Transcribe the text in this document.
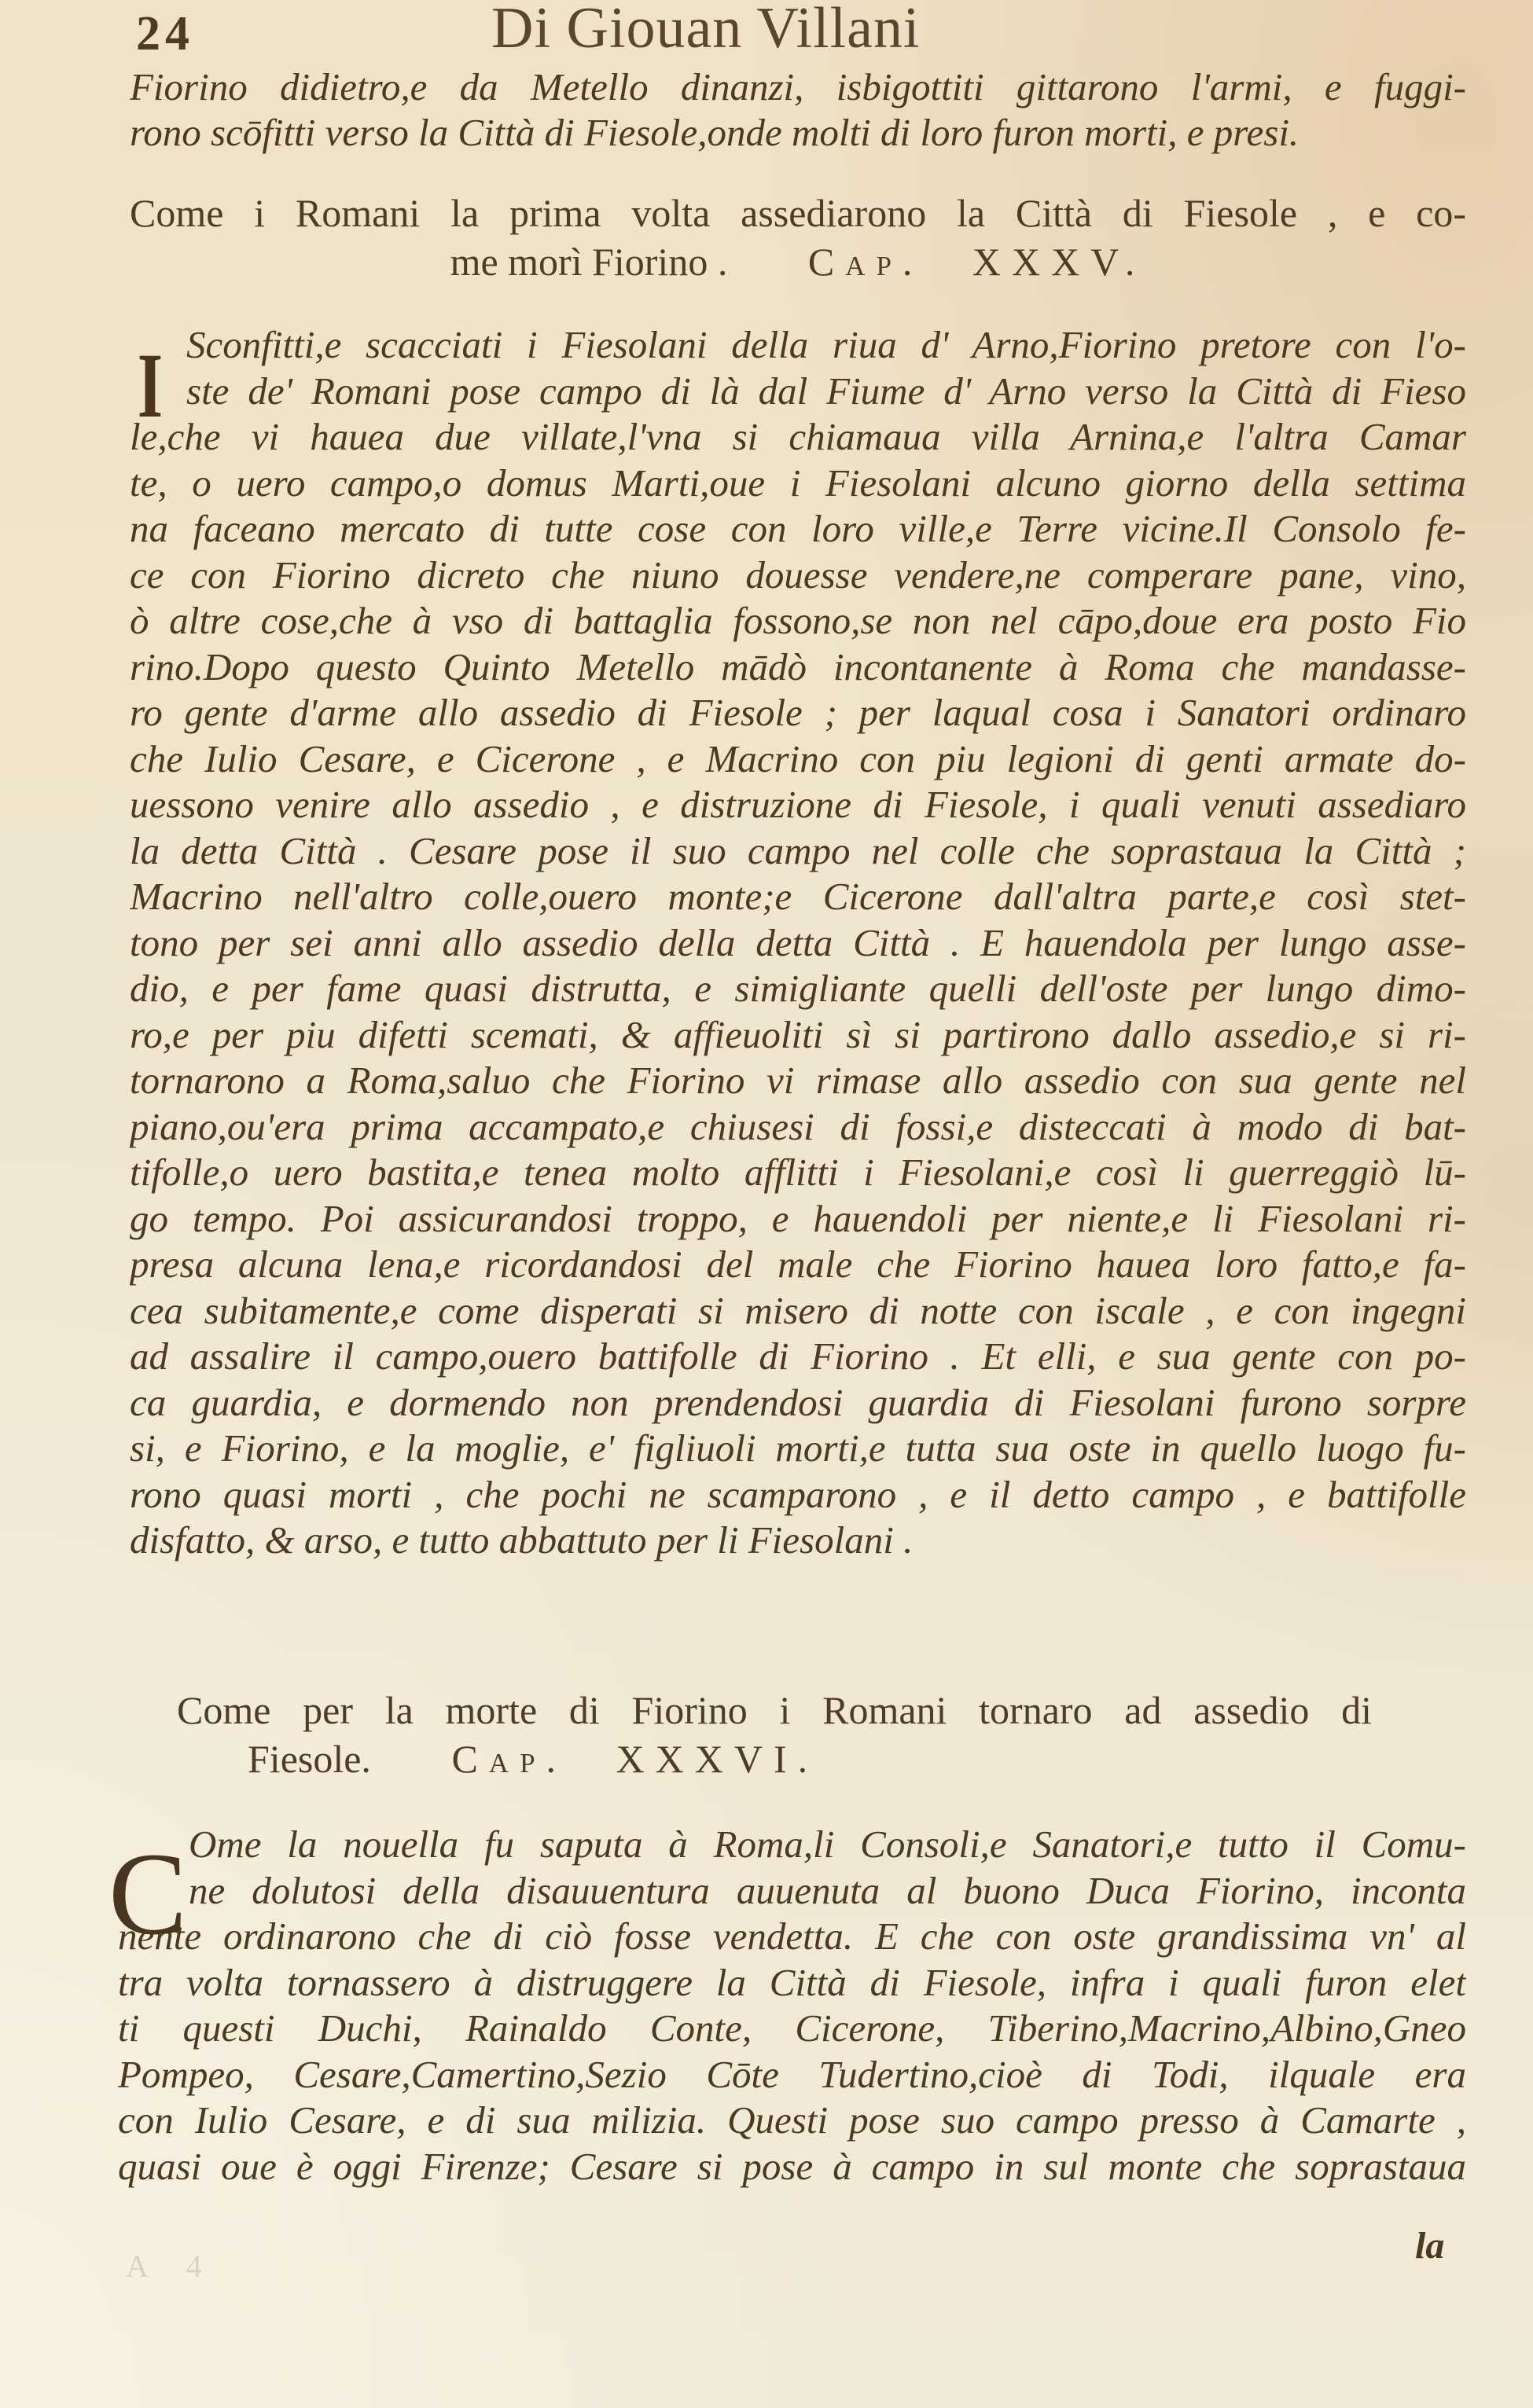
24	Di Giouan Villani
Fiorino didietro,e da Metello dinanzi, isbigottiti gittarono l'armi, e fuggi-
rono scōfitti verso la Città di Fiesole,onde molti di loro furon morti, e presi.
Come i Romani la prima volta assediarono la Città di Fiesole , e co-
me morì Fiorino . Cap. XXXV.
I Sconfitti,e scacciati i Fiesolani della riua d' Arno,Fiorino pretore con l'o-
ste de' Romani pose campo di là dal Fiume d' Arno verso la Città di Fieso
le,che vi hauea due villate,l'vna si chiamaua villa Arnina,e l'altra Camar
te, o uero campo,o domus Marti,oue i Fiesolani alcuno giorno della settima
na faceano mercato di tutte cose con loro ville,e Terre vicine.Il Consolo fe-
ce con Fiorino dicreto che niuno douesse vendere,ne comperare pane, vino,
ò altre cose,che à vso di battaglia fossono,se non nel cāpo,doue era posto Fio
rino.Dopo questo Quinto Metello mādò incontanente à Roma che mandasse-
ro gente d'arme allo assedio di Fiesole ; per laqual cosa i Sanatori ordinaro
che Iulio Cesare, e Cicerone , e Macrino con piu legioni di genti armate do-
uessono venire allo assedio , e distruzione di Fiesole, i quali venuti assediaro
la detta Città . Cesare pose il suo campo nel colle che soprastaua la Città ;
Macrino nell'altro colle,ouero monte;e Cicerone dall'altra parte,e così stet-
tono per sei anni allo assedio della detta Città . E hauendola per lungo asse-
dio, e per fame quasi distrutta, e simigliante quelli dell'oste per lungo dimo-
ro,e per piu difetti scemati, & affieuoliti sì si partirono dallo assedio,e si ri-
tornarono a Roma,saluo che Fiorino vi rimase allo assedio con sua gente nel
piano,ou'era prima accampato,e chiusesi di fossi,e disteccati à modo di bat-
tifolle,o uero bastita,e tenea molto afflitti i Fiesolani,e così li guerreggiò lū-
go tempo. Poi assicurandosi troppo, e hauendoli per niente,e li Fiesolani ri-
presa alcuna lena,e ricordandosi del male che Fiorino hauea loro fatto,e fa-
cea subitamente,e come disperati si misero di notte con iscale , e con ingegni
ad assalire il campo,ouero battifolle di Fiorino . Et elli, e sua gente con po-
ca guardia, e dormendo non prendendosi guardia di Fiesolani furono sorpre
si, e Fiorino, e la moglie, e' figliuoli morti,e tutta sua oste in quello luogo fu-
rono quasi morti , che pochi ne scamparono , e il detto campo , e battifolle
disfatto, & arso, e tutto abbattuto per li Fiesolani .
Come per la morte di Fiorino i Romani tornaro ad assedio di
Fiesole. Cap. XXXVI.
C Ome la nouella fu saputa à Roma,li Consoli,e Sanatori,e tutto il Comu-
ne dolutosi della disauuentura auuenuta al buono Duca Fiorino, inconta
nente ordinarono che di ciò fosse vendetta. E che con oste grandissima vn' al
tra volta tornassero à distruggere la Città di Fiesole, infra i quali furon elet
ti questi Duchi, Rainaldo Conte, Cicerone, Tiberino,Macrino,Albino,Gneo
Pompeo, Cesare,Camertino,Sezio Cōte Tudertino,cioè di Todi, ilquale era
con Iulio Cesare, e di sua milizia. Questi pose suo campo presso à Camarte ,
quasi oue è oggi Firenze; Cesare si pose à campo in sul monte che soprastaua
la
A 4
